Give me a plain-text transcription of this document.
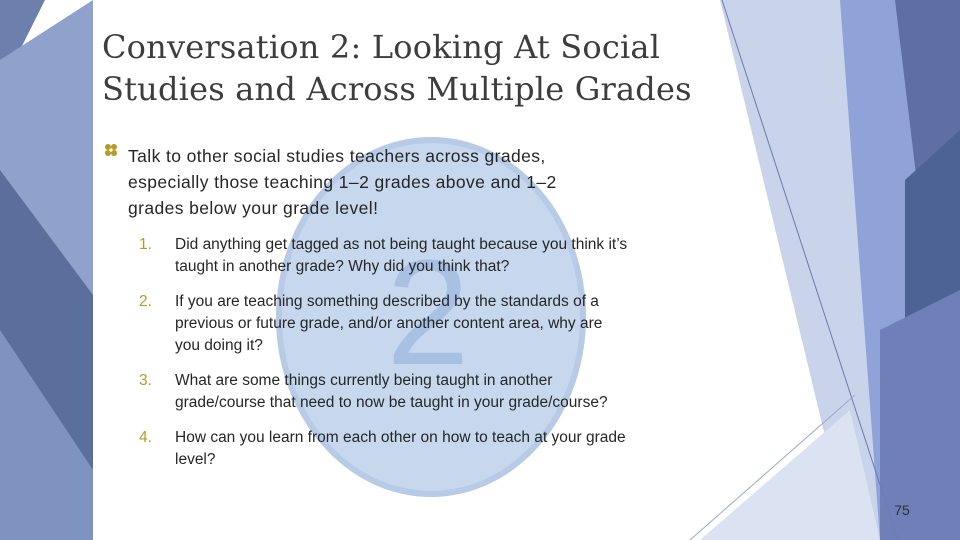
2
Conversation 2: Looking At Social
Studies and Across Multiple Grades
Talk to other social studies teachers across grades,
especially those teaching 1–2 grades above and 1–2
grades below your grade level!
1. Did anything get tagged as not being taught because you think it’s
taught in another grade? Why did you think that?
2. If you are teaching something described by the standards of a
previous or future grade, and/or another content area, why are
you doing it?
3. What are some things currently being taught in another
grade/course that need to now be taught in your grade/course?
4. How can you learn from each other on how to teach at your grade
level?
75
